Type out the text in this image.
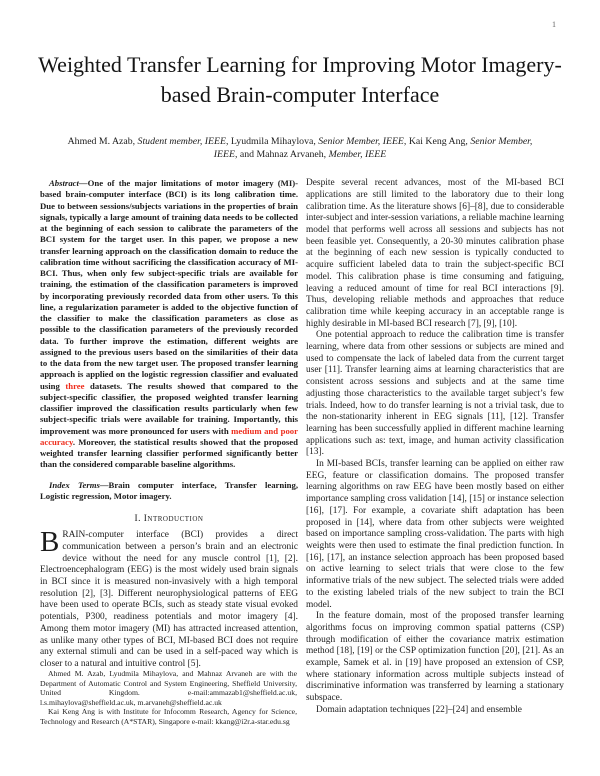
1
Weighted Transfer Learning for Improving Motor Imagery-based Brain-computer Interface
Ahmed M. Azab, Student member, IEEE, Lyudmila Mihaylova, Senior Member, IEEE, Kai Keng Ang, Senior Member, IEEE, and Mahnaz Arvaneh, Member, IEEE

Abstract—One of the major limitations of motor imagery (MI)-based brain-computer interface (BCI) is its long calibration time. Due to between sessions/subjects variations in the properties of brain signals, typically a large amount of training data needs to be collected at the beginning of each session to calibrate the parameters of the BCI system for the target user. In this paper, we propose a new transfer learning approach on the classification domain to reduce the calibration time without sacrificing the classification accuracy of MI-BCI. Thus, when only few subject-specific trials are available for training, the estimation of the classification parameters is improved by incorporating previously recorded data from other users. To this line, a regularization parameter is added to the objective function of the classifier to make the classification parameters as close as possible to the classification parameters of the previously recorded data. To further improve the estimation, different weights are assigned to the previous users based on the similarities of their data to the data from the new target user. The proposed transfer learning approach is applied on the logistic regression classifier and evaluated using three datasets. The results showed that compared to the subject-specific classifier, the proposed weighted transfer learning classifier improved the classification results particularly when few subject-specific trials were available for training. Importantly, this improvement was more pronounced for users with medium and poor accuracy. Moreover, the statistical results showed that the proposed weighted transfer learning classifier performed significantly better than the considered comparable baseline algorithms.

Index Terms—Brain computer interface, Transfer learning, Logistic regression, Motor imagery.

I. Introduction

BRAIN-computer interface (BCI) provides a direct communication between a person’s brain and an electronic device without the need for any muscle control [1], [2]. Electroencephalogram (EEG) is the most widely used brain signals in BCI since it is measured non-invasively with a high temporal resolution [2], [3]. Different neurophysiological patterns of EEG have been used to operate BCIs, such as steady state visual evoked potentials, P300, readiness potentials and motor imagery [4]. Among them motor imagery (MI) has attracted increased attention, as unlike many other types of BCI, MI-based BCI does not require any external stimuli and can be used in a self-paced way which is closer to a natural and intuitive control [5].

Despite several recent advances, most of the MI-based BCI applications are still limited to the laboratory due to their long calibration time. As the literature shows [6]–[8], due to considerable inter-subject and inter-session variations, a reliable machine learning model that performs well across all sessions and subjects has not been feasible yet. Consequently, a 20-30 minutes calibration phase at the beginning of each new session is typically conducted to acquire sufficient labeled data to train the subject-specific BCI model. This calibration phase is time consuming and fatiguing, leaving a reduced amount of time for real BCI interactions [9]. Thus, developing reliable methods and approaches that reduce calibration time while keeping accuracy in an acceptable range is highly desirable in MI-based BCI research [7], [9], [10].

One potential approach to reduce the calibration time is transfer learning, where data from other sessions or subjects are mined and used to compensate the lack of labeled data from the current target user [11]. Transfer learning aims at learning characteristics that are consistent across sessions and subjects and at the same time adjusting those characteristics to the available target subject’s few trials. Indeed, how to do transfer learning is not a trivial task, due to the non-stationarity inherent in EEG signals [11], [12]. Transfer learning has been successfully applied in different machine learning applications such as: text, image, and human activity classification [13].

In MI-based BCIs, transfer learning can be applied on either raw EEG, feature or classification domains. The proposed transfer learning algorithms on raw EEG have been mostly based on either importance sampling cross validation [14], [15] or instance selection [16], [17]. For example, a covariate shift adaptation has been proposed in [14], where data from other subjects were weighted based on importance sampling cross-validation. The parts with high weights were then used to estimate the final prediction function. In [16], [17], an instance selection approach has been proposed based on active learning to select trials that were close to the few informative trials of the new subject. The selected trials were added to the existing labeled trials of the new subject to train the BCI model.

In the feature domain, most of the proposed transfer learning algorithms focus on improving common spatial patterns (CSP) through modification of either the covariance matrix estimation method [18], [19] or the CSP optimization function [20], [21]. As an example, Samek et al. in [19] have proposed an extension of CSP, where stationary information across multiple subjects instead of discriminative information was transferred by learning a stationary subspace.

Domain adaptation techniques [22]–[24] and ensemble

Ahmed M. Azab, Lyudmila Mihaylova, and Mahnaz Arvaneh are with the Department of Automatic Control and System Engineering, Sheffield University, United Kingdom. e-mail:ammazab1@sheffield.ac.uk, l.s.mihaylova@sheffield.ac.uk, m.arvaneh@sheffield.ac.uk

Kai Keng Ang is with Institute for Infocomm Research, Agency for Science, Technology and Research (A*STAR), Singapore e-mail: kkang@i2r.a-star.edu.sg
